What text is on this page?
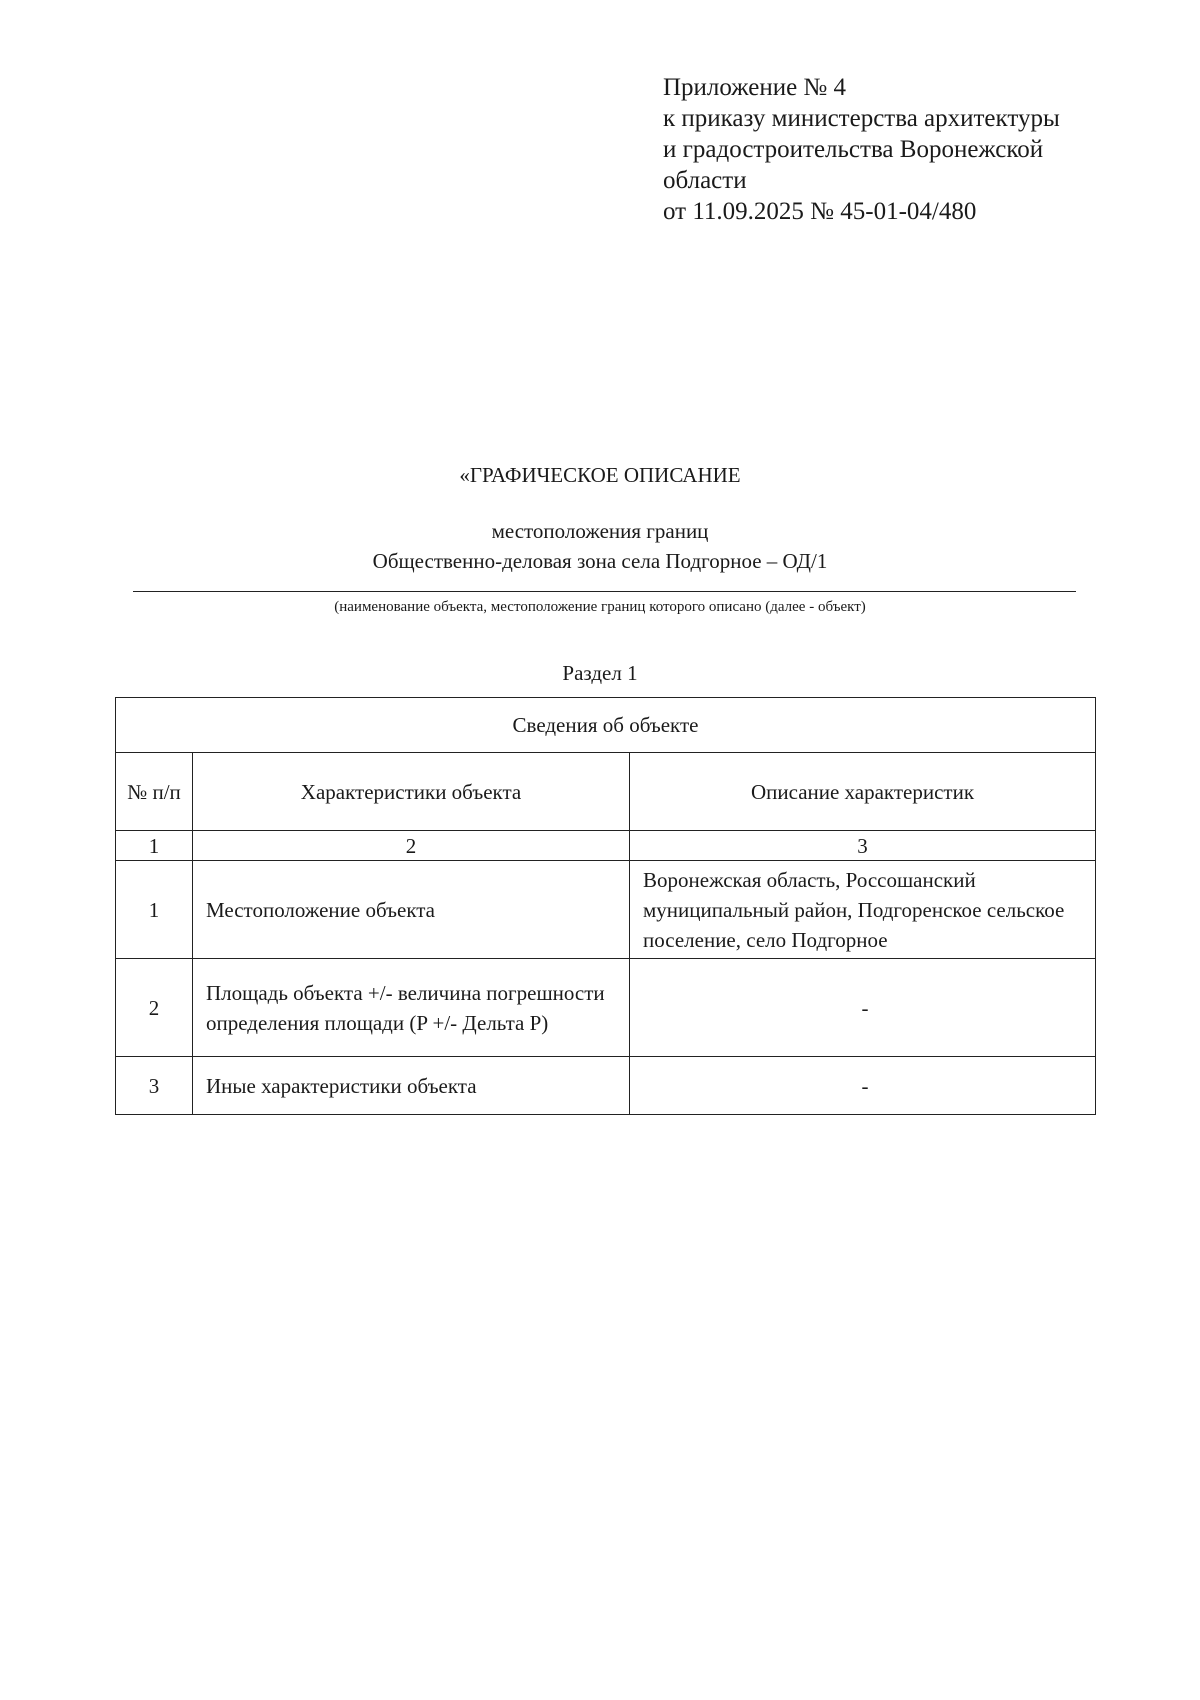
Приложение № 4
к приказу министерства архитектуры
и градостроительства Воронежской
области
от 11.09.2025 № 45-01-04/480
«ГРАФИЧЕСКОЕ ОПИСАНИЕ
местоположения границ
Общественно-деловая зона села Подгорное – ОД/1
(наименование объекта, местоположение границ которого описано (далее - объект)
Раздел 1
Сведения об объекте		
№ п/п	Характеристики объекта	Описание характеристик
1	2	3
1	Местоположение объекта	Воронежская область, Россошанский муниципальный район, Подгоренское сельское поселение, село Подгорное
2	Площадь объекта +/- величина погрешности определения площади (P +/- Дельта P)	-
3	Иные характеристики объекта	-
